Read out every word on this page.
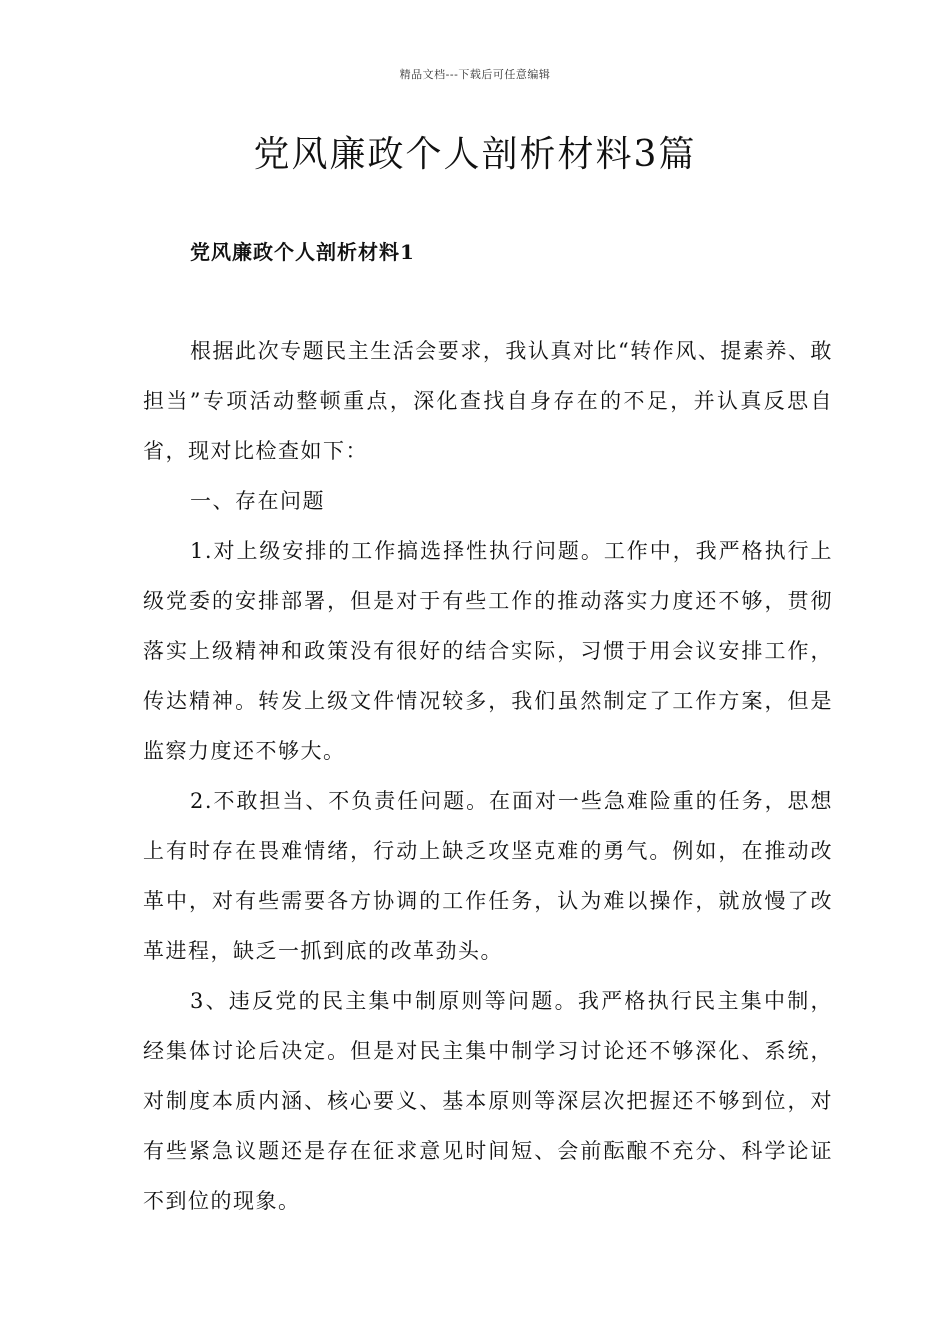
精品文档---下载后可任意编辑
党风廉政个人剖析材料3篇
党风廉政个人剖析材料1

根据此次专题民主生活会要求，我认真对比“转作风、提素养、敢担当”专项活动整顿重点，深化查找自身存在的不足，并认真反思自省，现对比检查如下：

一、存在问题

1.对上级安排的工作搞选择性执行问题。工作中，我严格执行上级党委的安排部署，但是对于有些工作的推动落实力度还不够，贯彻落实上级精神和政策没有很好的结合实际，习惯于用会议安排工作，传达精神。转发上级文件情况较多，我们虽然制定了工作方案，但是监察力度还不够大。

2.不敢担当、不负责任问题。在面对一些急难险重的任务，思想上有时存在畏难情绪，行动上缺乏攻坚克难的勇气。例如，在推动改革中，对有些需要各方协调的工作任务，认为难以操作，就放慢了改革进程，缺乏一抓到底的改革劲头。

3、违反党的民主集中制原则等问题。我严格执行民主集中制，经集体讨论后决定。但是对民主集中制学习讨论还不够深化、系统，对制度本质内涵、核心要义、基本原则等深层次把握还不够到位，对有些紧急议题还是存在征求意见时间短、会前酝酿不充分、科学论证不到位的现象。
